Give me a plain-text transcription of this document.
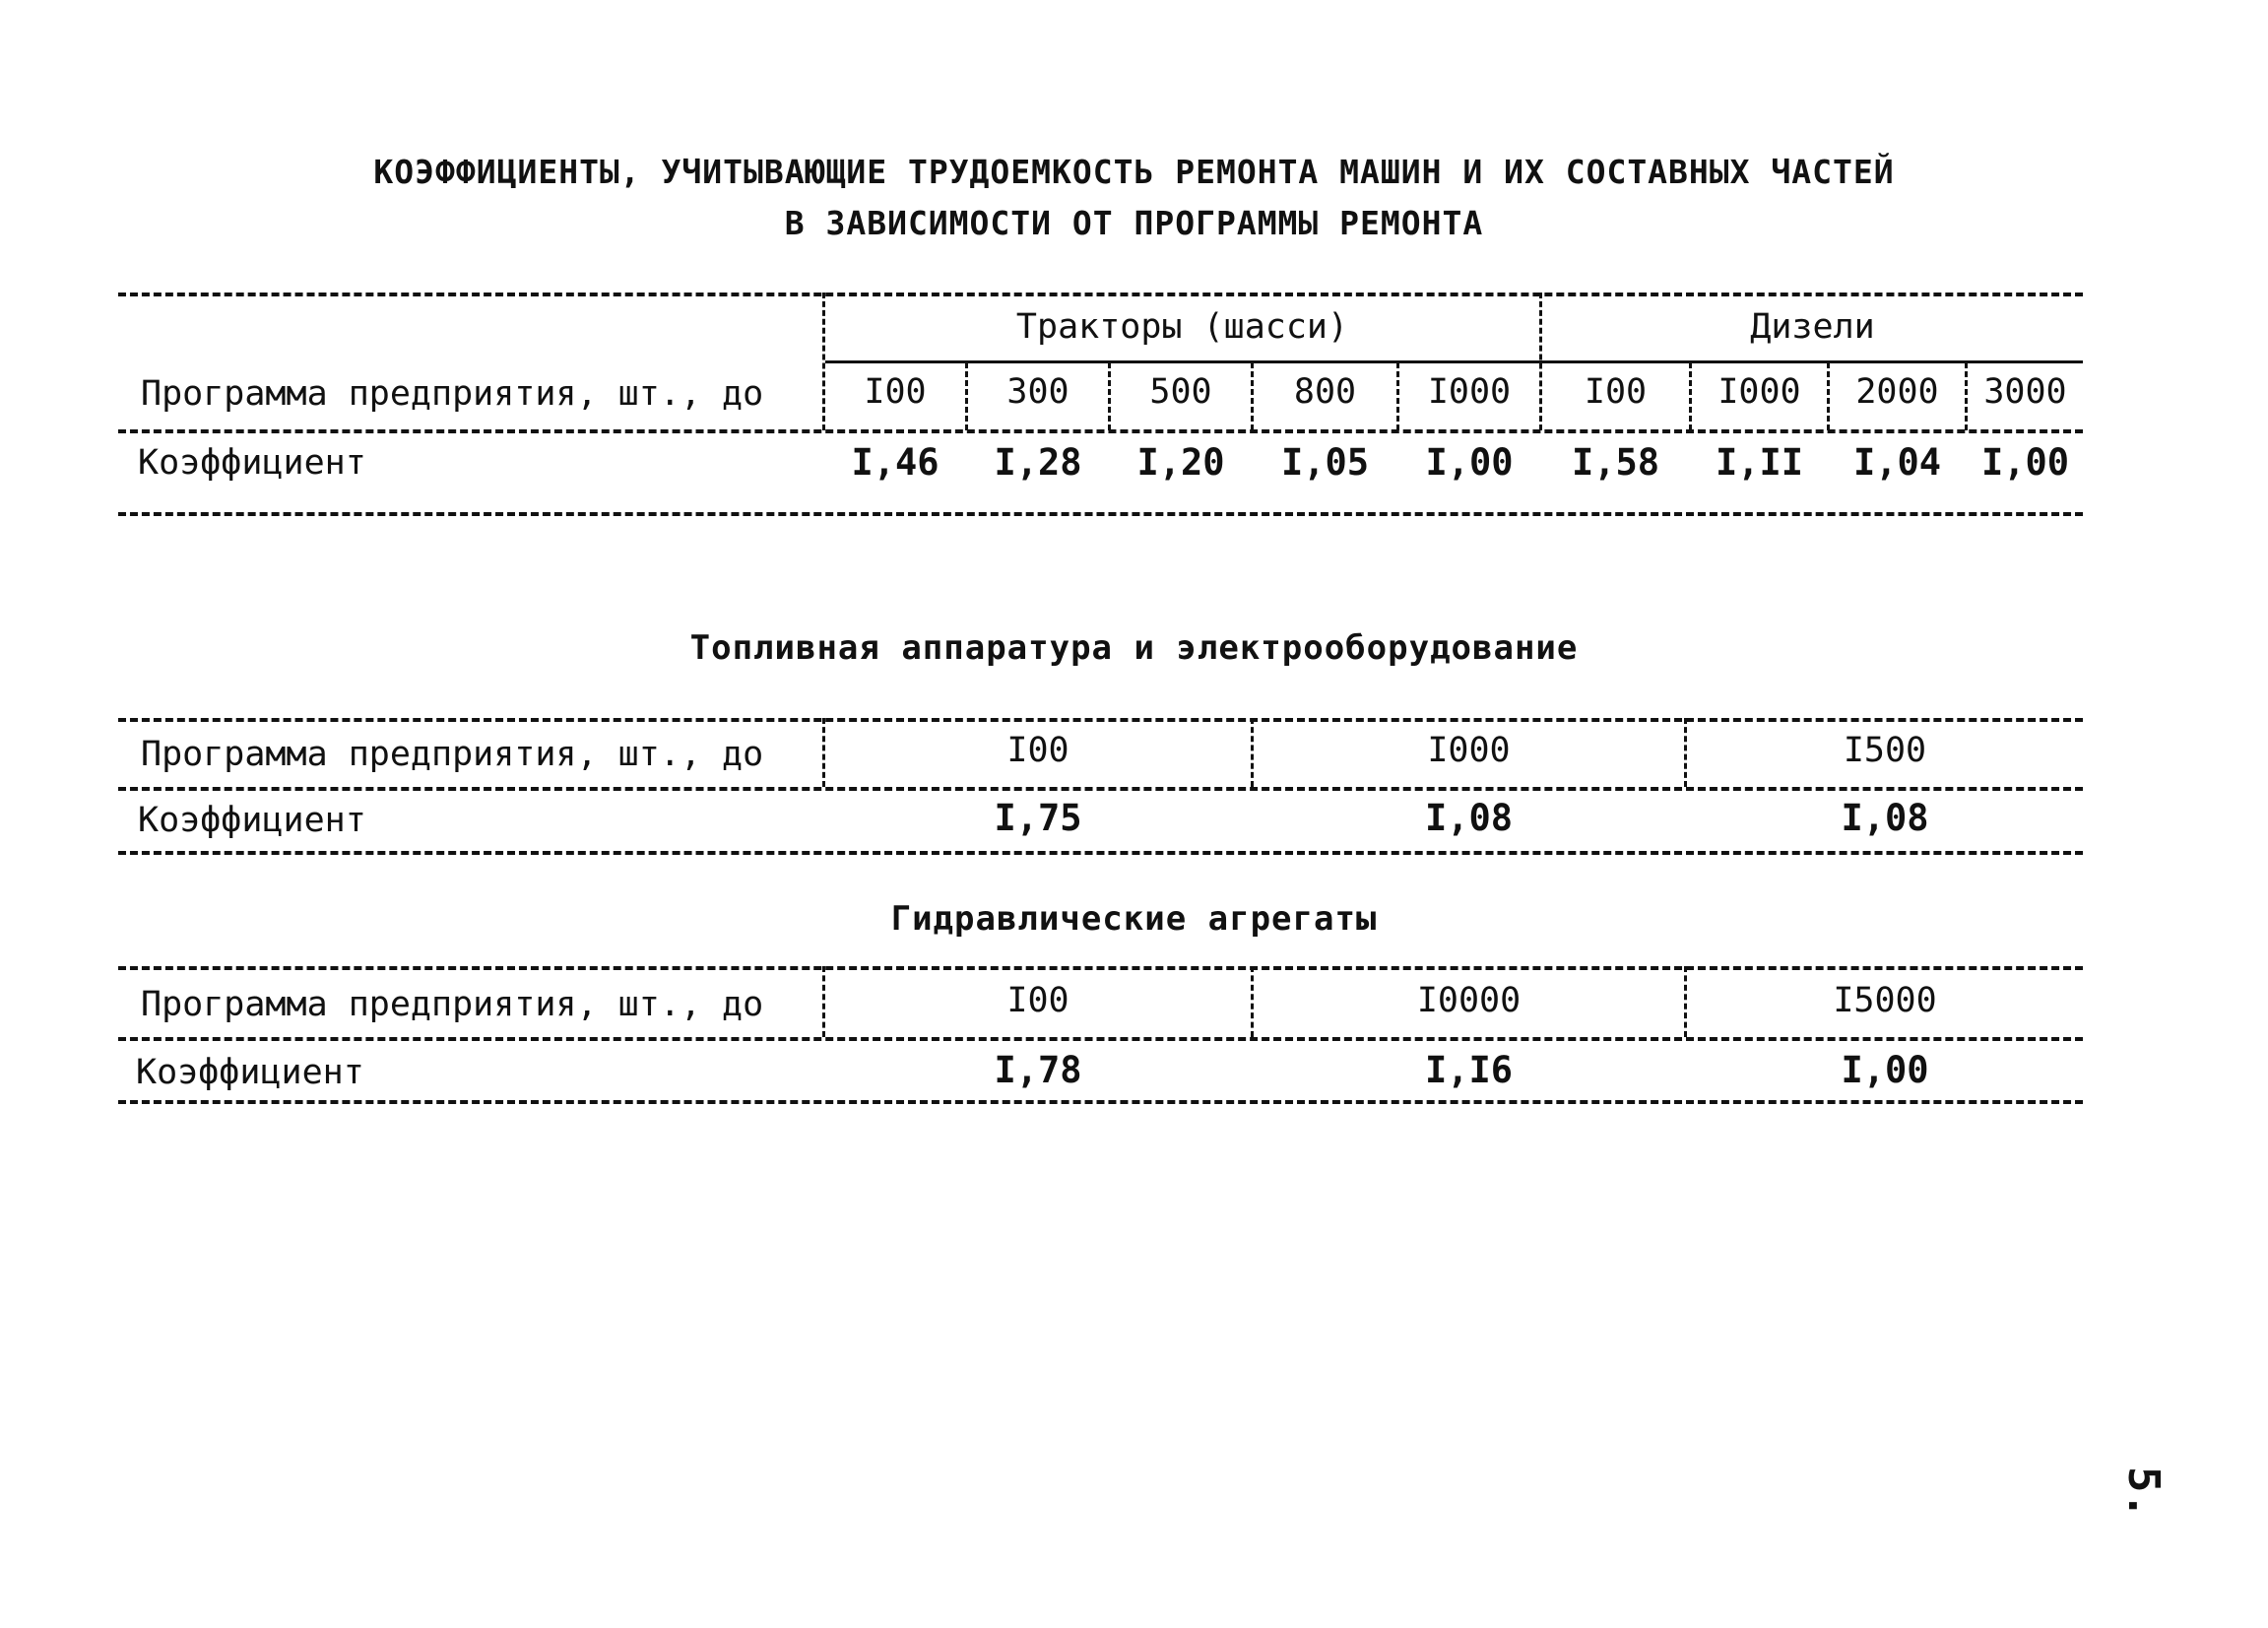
КОЭФФИЦИЕНТЫ, УЧИТЫВАЮЩИЕ ТРУДОЕМКОСТЬ РЕМОНТА МАШИН И ИХ СОСТАВНЫХ ЧАСТЕЙ
В ЗАВИСИМОСТИ ОТ ПРОГРАММЫ РЕМОНТА
Тракторы (шасси)	Дизели
Программа предприятия, шт., до	I00	300	500	800	I000	I00	I000	2000	3000
Коэффициент	I,46	I,28	I,20	I,05	I,00	I,58	I,II	I,04	I,00
Топливная аппаратура и электрооборудование
Программа предприятия, шт., до	I00	I000	I500
Коэффициент	I,75	I,08	I,08
Гидравлические агрегаты
Программа предприятия, шт., до	I00	I0000	I5000
Коэффициент	I,78	I,I6	I,00
5.
